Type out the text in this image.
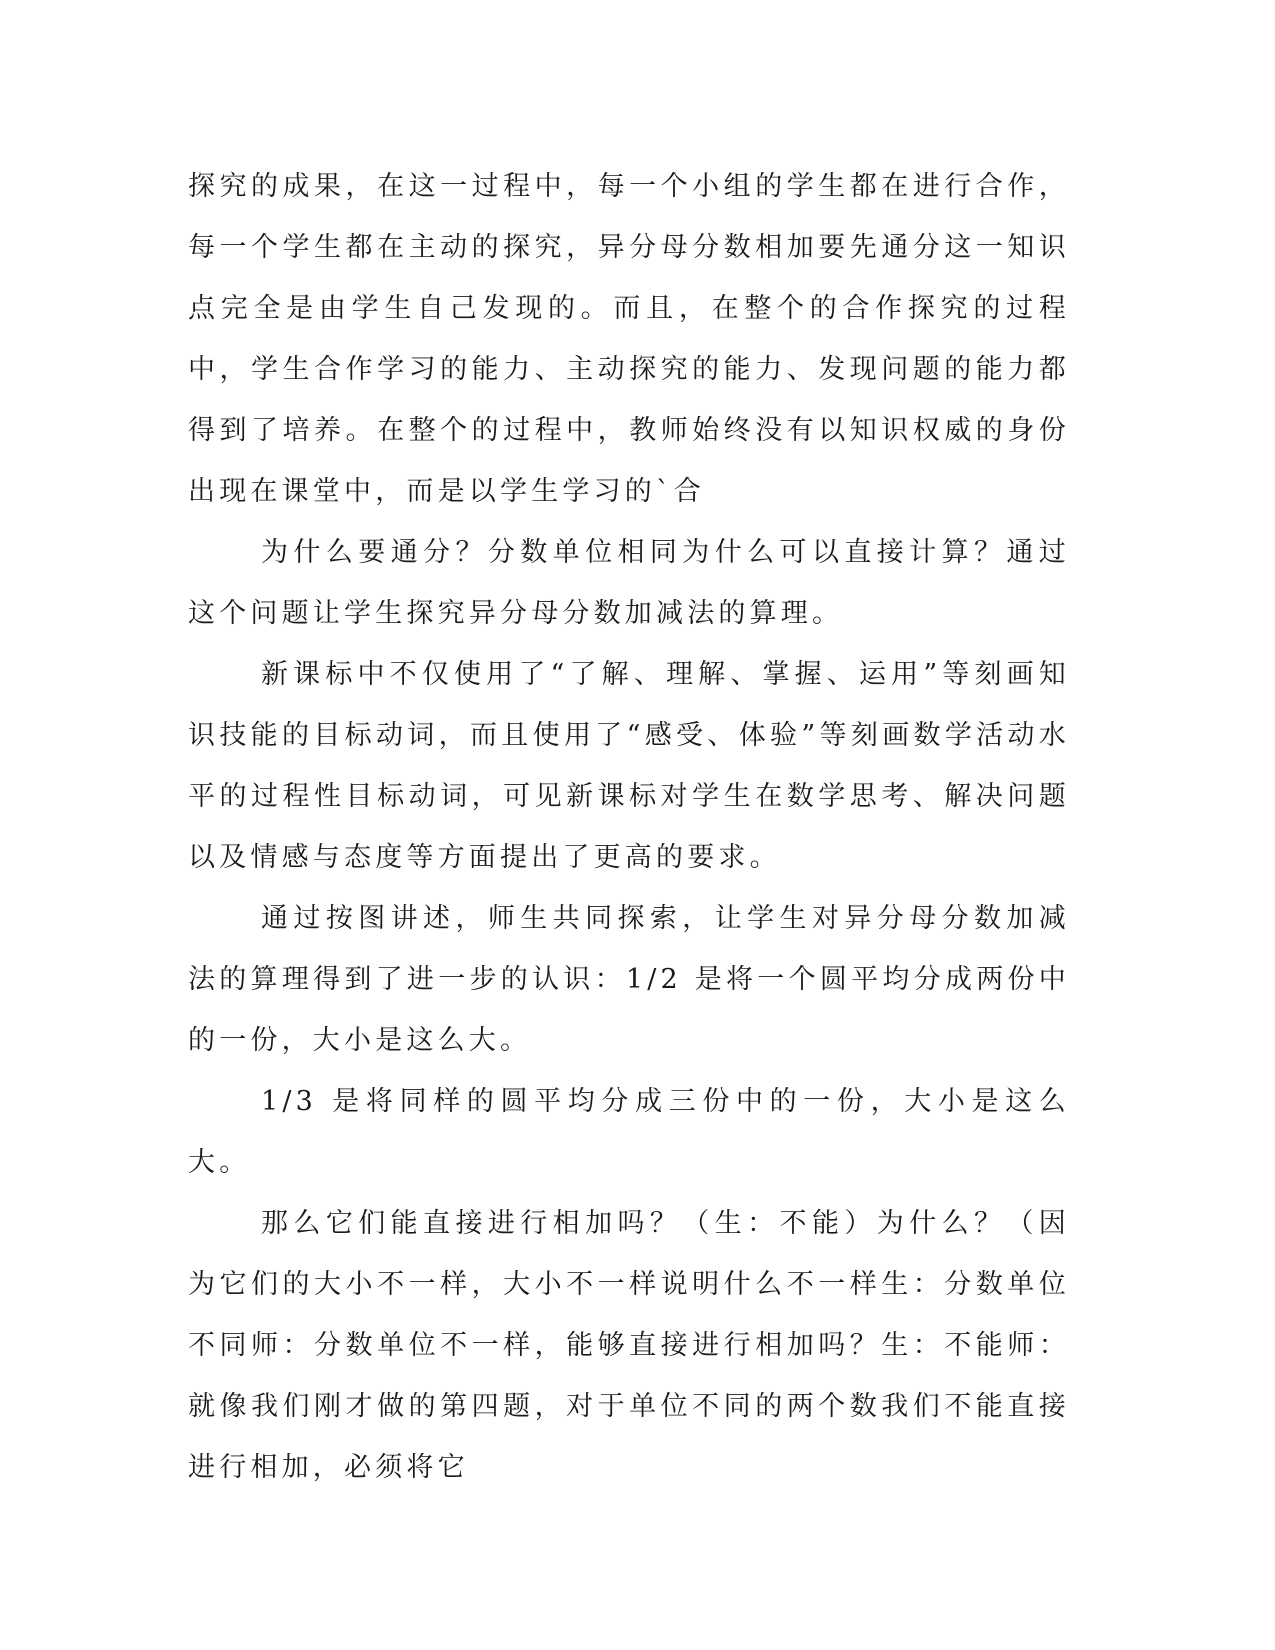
探究的成果，在这一过程中，每一个小组的学生都在进行合作，每一个学生都在主动的探究，异分母分数相加要先通分这一知识点完全是由学生自己发现的。而且，在整个的合作探究的过程中，学生合作学习的能力、主动探究的能力、发现问题的能力都得到了培养。在整个的过程中，教师始终没有以知识权威的身份出现在课堂中，而是以学生学习的`合

为什么要通分？分数单位相同为什么可以直接计算？通过这个问题让学生探究异分母分数加减法的算理。

新课标中不仅使用了“了解、理解、掌握、运用”等刻画知识技能的目标动词，而且使用了“感受、体验”等刻画数学活动水平的过程性目标动词，可见新课标对学生在数学思考、解决问题以及情感与态度等方面提出了更高的要求。

通过按图讲述，师生共同探索，让学生对异分母分数加减法的算理得到了进一步的认识：1/2 是将一个圆平均分成两份中的一份，大小是这么大。

1/3 是将同样的圆平均分成三份中的一份，大小是这么大。

那么它们能直接进行相加吗？（生：不能）为什么？（因为它们的大小不一样，大小不一样说明什么不一样生：分数单位不同师：分数单位不一样，能够直接进行相加吗？生：不能师：就像我们刚才做的第四题，对于单位不同的两个数我们不能直接进行相加，必须将它
